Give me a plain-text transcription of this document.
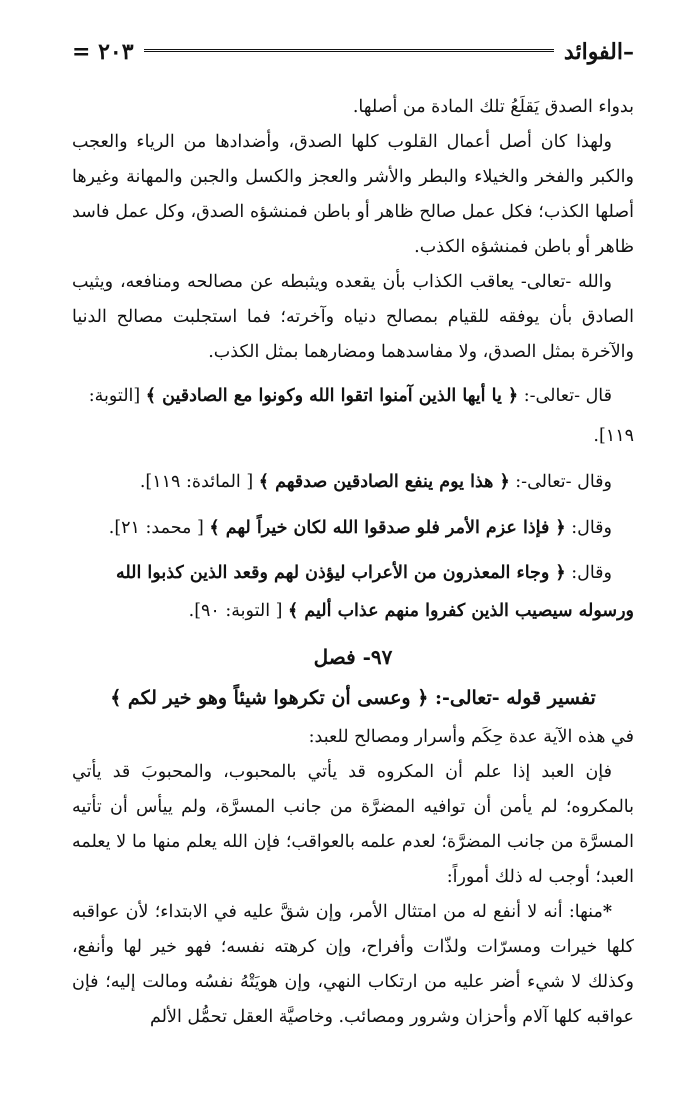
–
الفوائد
٢٠٣ =

بدواء الصدق يَقلَعُ تلك المادة من أصلها.

ولهذا كان أصل أعمال القلوب كلها الصدق، وأضدادها من الرياء والعجب والكبر والفخر والخيلاء والبطر والأشر والعجز والكسل والجبن والمهانة وغيرها أصلها الكذب؛ فكل عمل صالح ظاهر أو باطن فمنشؤه الصدق، وكل عمل فاسد ظاهر أو باطن فمنشؤه الكذب.

والله -تعالى- يعاقب الكذاب بأن يقعده ويثبطه عن مصالحه ومنافعه، ويثيب الصادق بأن يوفقه للقيام بمصالح دنياه وآخرته؛ فما استجلبت مصالح الدنيا والآخرة بمثل الصدق، ولا مفاسدهما ومضارهما بمثل الكذب.

قال -تعالى-: ﴿ يا أيها الذين آمنوا اتقوا الله وكونوا مع الصادقين ﴾ [التوبة: ١١٩].

وقال -تعالى-: ﴿ هذا يوم ينفع الصادقين صدقهم ﴾ [ المائدة: ١١٩].

وقال: ﴿ فإذا عزم الأمر فلو صدقوا الله لكان خيراً لهم ﴾ [ محمد: ٢١].

وقال: ﴿ وجاء المعذرون من الأعراب ليؤذن لهم وقعد الذين كذبوا الله ورسوله سيصيب الذين كفروا منهم عذاب أليم ﴾ [ التوبة: ٩٠].

٩٧- فصل
تفسير قوله -تعالى-: ﴿ وعسى أن تكرهوا شيئاً وهو خير لكم ﴾

في هذه الآية عدة حِكَم وأسرار ومصالح للعبد:

فإن العبد إذا علم أن المكروه قد يأتي بالمحبوب، والمحبوبَ قد يأتي بالمكروه؛ لم يأمن أن توافيه المضرَّة من جانب المسرَّة، ولم ييأس أن تأتيه المسرَّة من جانب المضرَّة؛ لعدم علمه بالعواقب؛ فإن الله يعلم منها ما لا يعلمه العبد؛ أوجب له ذلك أموراً:

*منها: أنه لا أنفع له من امتثال الأمر، وإن شقَّ عليه في الابتداء؛ لأن عواقبه كلها خيرات ومسرّات ولذّات وأفراح، وإن كرهته نفسه؛ فهو خير لها وأنفع، وكذلك لا شيء أضر عليه من ارتكاب النهي، وإن هويَتْهُ نفسُه ومالت إليه؛ فإن عواقبه كلها آلام وأحزان وشرور ومصائب. وخاصيَّة العقل تحمُّل الألم
